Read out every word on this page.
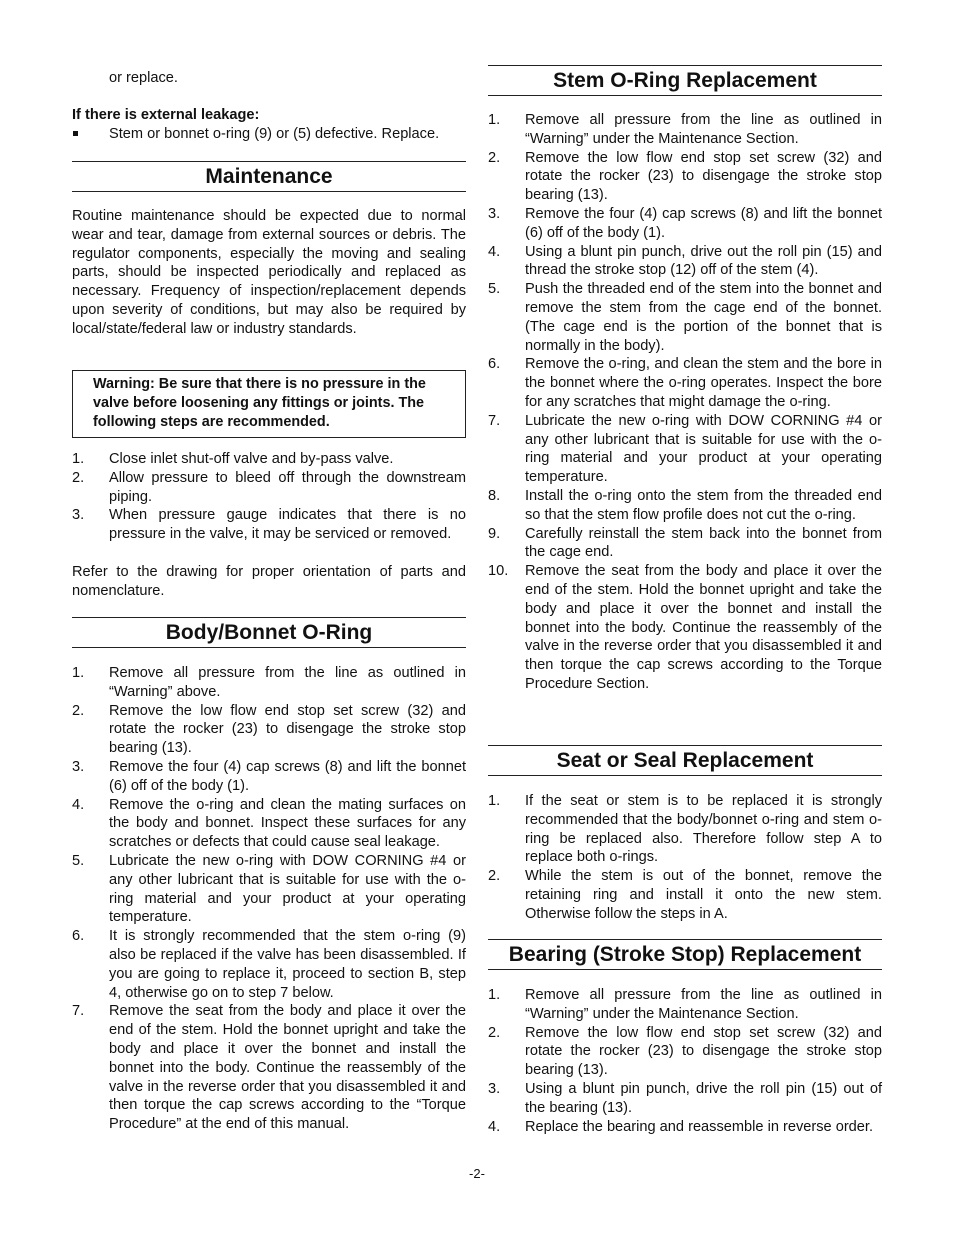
or replace.
If there is external leakage:
Stem or bonnet o-ring (9) or (5) defective. Replace.
Maintenance

Routine maintenance should be expected due to normal wear and tear, damage from external sources or debris. The regulator components, especially the moving and sealing parts, should be inspected periodically and replaced as necessary. Frequency of inspection/replacement depends upon severity of conditions, but may also be required by local/state/federal law or industry standards.

Warning: Be sure that there is no pressure in the valve before loosening any fittings or joints. The following steps are recommended.
1. Close inlet shut-off valve and by-pass valve.
2. Allow pressure to bleed off through the downstream piping.
3. When pressure gauge indicates that there is no pressure in the valve, it may be serviced or removed.

Refer to the drawing for proper orientation of parts and nomenclature.

Body/Bonnet O-Ring
1. Remove all pressure from the line as outlined in “Warning” above.
2. Remove the low flow end stop set screw (32) and rotate the rocker (23) to disengage the stroke stop bearing (13).
3. Remove the four (4) cap screws (8) and lift the bonnet (6) off of the body (1).
4. Remove the o-ring and clean the mating surfaces on the body and bonnet. Inspect these surfaces for any scratches or defects that could cause seal leakage.
5. Lubricate the new o-ring with DOW CORNING #4 or any other lubricant that is suitable for use with the o-ring material and your product at your operating temperature.
6. It is strongly recommended that the stem o-ring (9) also be replaced if the valve has been disassembled. If you are going to replace it, proceed to section B, step 4, otherwise go on to step 7 below.
7. Remove the seat from the body and place it over the end of the stem. Hold the bonnet upright and take the body and place it over the bonnet and install the bonnet into the body. Continue the reassembly of the valve in the reverse order that you disassembled it and then torque the cap screws according to the “Torque Procedure” at the end of this manual.
Stem O-Ring Replacement
1. Remove all pressure from the line as outlined in “Warning” under the Maintenance Section.
2. Remove the low flow end stop set screw (32) and rotate the rocker (23) to disengage the stroke stop bearing (13).
3. Remove the four (4) cap screws (8) and lift the bonnet (6) off of the body (1).
4. Using a blunt pin punch, drive out the roll pin (15) and thread the stroke stop (12) off of the stem (4).
5. Push the threaded end of the stem into the bonnet and remove the stem from the cage end of the bonnet. (The cage end is the portion of the bonnet that is normally in the body).
6. Remove the o-ring, and clean the stem and the bore in the bonnet where the o-ring operates. Inspect the bore for any scratches that might damage the o-ring.
7. Lubricate the new o-ring with DOW CORNING #4 or any other lubricant that is suitable for use with the o-ring material and your product at your operating temperature.
8. Install the o-ring onto the stem from the threaded end so that the stem flow profile does not cut the o-ring.
9. Carefully reinstall the stem back into the bonnet from the cage end.
10. Remove the seat from the body and place it over the end of the stem. Hold the bonnet upright and take the body and place it over the bonnet and install the bonnet into the body. Continue the reassembly of the valve in the reverse order that you disassembled it and then torque the cap screws according to the Torque Procedure Section.
Seat or Seal Replacement
1. If the seat or stem is to be replaced it is strongly recommended that the body/bonnet o-ring and stem o-ring be replaced also. Therefore follow step A to replace both o-rings.
2. While the stem is out of the bonnet, remove the retaining ring and install it onto the new stem. Otherwise follow the steps in A.
Bearing (Stroke Stop) Replacement
1. Remove all pressure from the line as outlined in “Warning” under the Maintenance Section.
2. Remove the low flow end stop set screw (32) and rotate the rocker (23) to disengage the stroke stop bearing (13).
3. Using a blunt pin punch, drive the roll pin (15) out of the bearing (13).
4. Replace the bearing and reassemble in reverse order.
-2-
